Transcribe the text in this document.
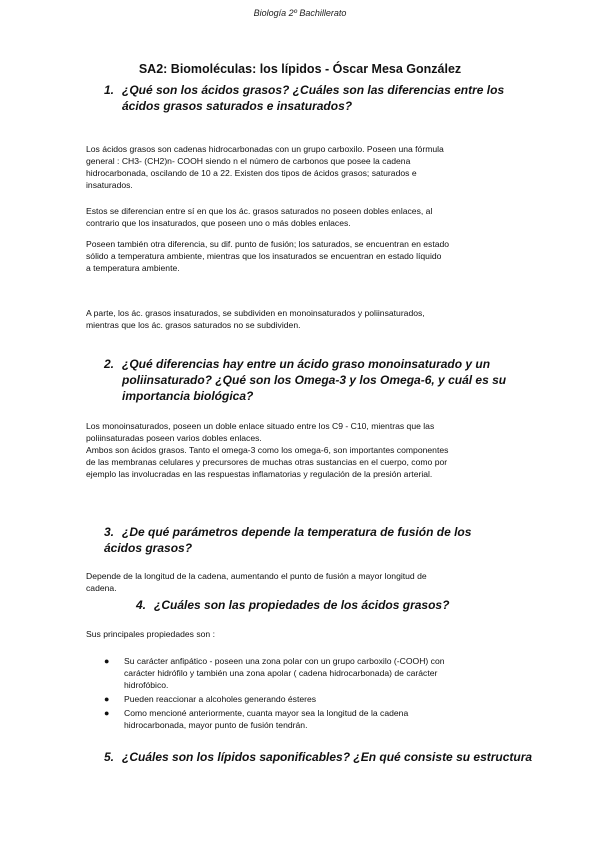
Biología 2º Bachillerato
SA2: Biomoléculas: los lípidos - Óscar Mesa González
1. ¿Qué son los ácidos grasos? ¿Cuáles son las diferencias entre los
ácidos grasos saturados e insaturados?
Los ácidos grasos son cadenas hidrocarbonadas con un grupo carboxilo. Poseen una fórmula
general : CH3- (CH2)n- COOH siendo n el número de carbonos que posee la cadena
hidrocarbonada, oscilando de 10 a 22. Existen dos tipos de ácidos grasos; saturados e
insaturados.
Estos se diferencian entre sí en que los ác. grasos saturados no poseen dobles enlaces, al
contrario que los insaturados, que poseen uno o más dobles enlaces.
Poseen también otra diferencia, su dif. punto de fusión; los saturados, se encuentran en estado
sólido a temperatura ambiente, mientras que los insaturados se encuentran en estado líquido
a temperatura ambiente.
A parte, los ác. grasos insaturados, se subdividen en monoinsaturados y poliinsaturados,
mientras que los ác. grasos saturados no se subdividen.
2. ¿Qué diferencias hay entre un ácido graso monoinsaturado y un
poliinsaturado? ¿Qué son los Omega-3 y los Omega-6, y cuál es su
importancia biológica?
Los monoinsaturados, poseen un doble enlace situado entre los C9 - C10, mientras que las
poliinsaturadas poseen varios dobles enlaces.
Ambos son ácidos grasos. Tanto el omega-3 como los omega-6, son importantes componentes
de las membranas celulares y precursores de muchas otras sustancias en el cuerpo, como por
ejemplo las involucradas en las respuestas inflamatorias y regulación de la presión arterial.
3. ¿De qué parámetros depende la temperatura de fusión de los
ácidos grasos?
Depende de la longitud de la cadena, aumentando el punto de fusión a mayor longitud de
cadena.
4. ¿Cuáles son las propiedades de los ácidos grasos?
Sus principales propiedades son :
● Su carácter anfipático - poseen una zona polar con un grupo carboxilo (-COOH) con
carácter hidrófilo y también una zona apolar ( cadena hidrocarbonada) de carácter
hidrofóbico.
● Pueden reaccionar a alcoholes generando ésteres
● Como mencioné anteriormente, cuanta mayor sea la longitud de la cadena
hidrocarbonada, mayor punto de fusión tendrán.
5. ¿Cuáles son los lípidos saponificables? ¿En qué consiste su estructura
